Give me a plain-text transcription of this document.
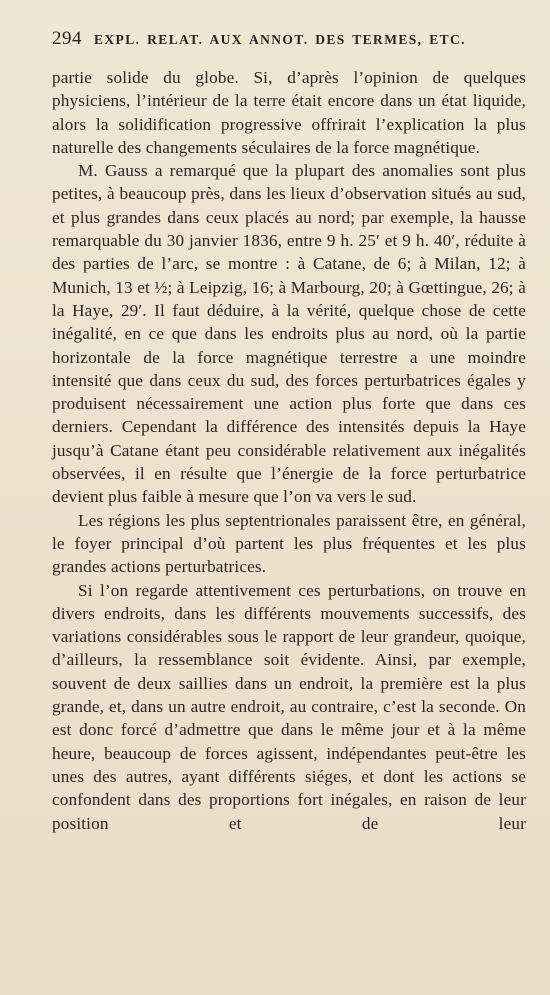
294 EXPL. RELAT. AUX ANNOT. DES TERMES, ETC.

partie solide du globe. Si, d’après l’opinion de quelques physiciens, l’intérieur de la terre était encore dans un état liquide, alors la solidification progressive offrirait l’explication la plus naturelle des changements séculaires de la force magnétique.

M. Gauss a remarqué que la plupart des anomalies sont plus petites, à beaucoup près, dans les lieux d’observation situés au sud, et plus grandes dans ceux placés au nord; par exemple, la hausse remarquable du 30 janvier 1836, entre 9 h. 25′ et 9 h. 40′, réduite à des parties de l’arc, se montre : à Catane, de 6; à Milan, 12; à Munich, 13 et ½; à Leipzig, 16; à Marbourg, 20; à Gœttingue, 26; à la Haye, 29′. Il faut déduire, à la vérité, quelque chose de cette inégalité, en ce que dans les endroits plus au nord, où la partie horizontale de la force magnétique terrestre a une moindre intensité que dans ceux du sud, des forces perturbatrices égales y produisent nécessairement une action plus forte que dans ces derniers. Cependant la différence des intensités depuis la Haye jusqu’à Catane étant peu considérable relativement aux inégalités observées, il en résulte que l’énergie de la force perturbatrice devient plus faible à mesure que l’on va vers le sud.

Les régions les plus septentrionales paraissent être, en général, le foyer principal d’où partent les plus fréquentes et les plus grandes actions perturbatrices.

Si l’on regarde attentivement ces perturbations, on trouve en divers endroits, dans les différents mouvements successifs, des variations considérables sous le rapport de leur grandeur, quoique, d’ailleurs, la ressemblance soit évidente. Ainsi, par exemple, souvent de deux saillies dans un endroit, la première est la plus grande, et, dans un autre endroit, au contraire, c’est la seconde. On est donc forcé d’admettre que dans le même jour et à la même heure, beaucoup de forces agissent, indépendantes peut-être les unes des autres, ayant différents siéges, et dont les actions se confondent dans des proportions fort inégales, en raison de leur position et de leur
